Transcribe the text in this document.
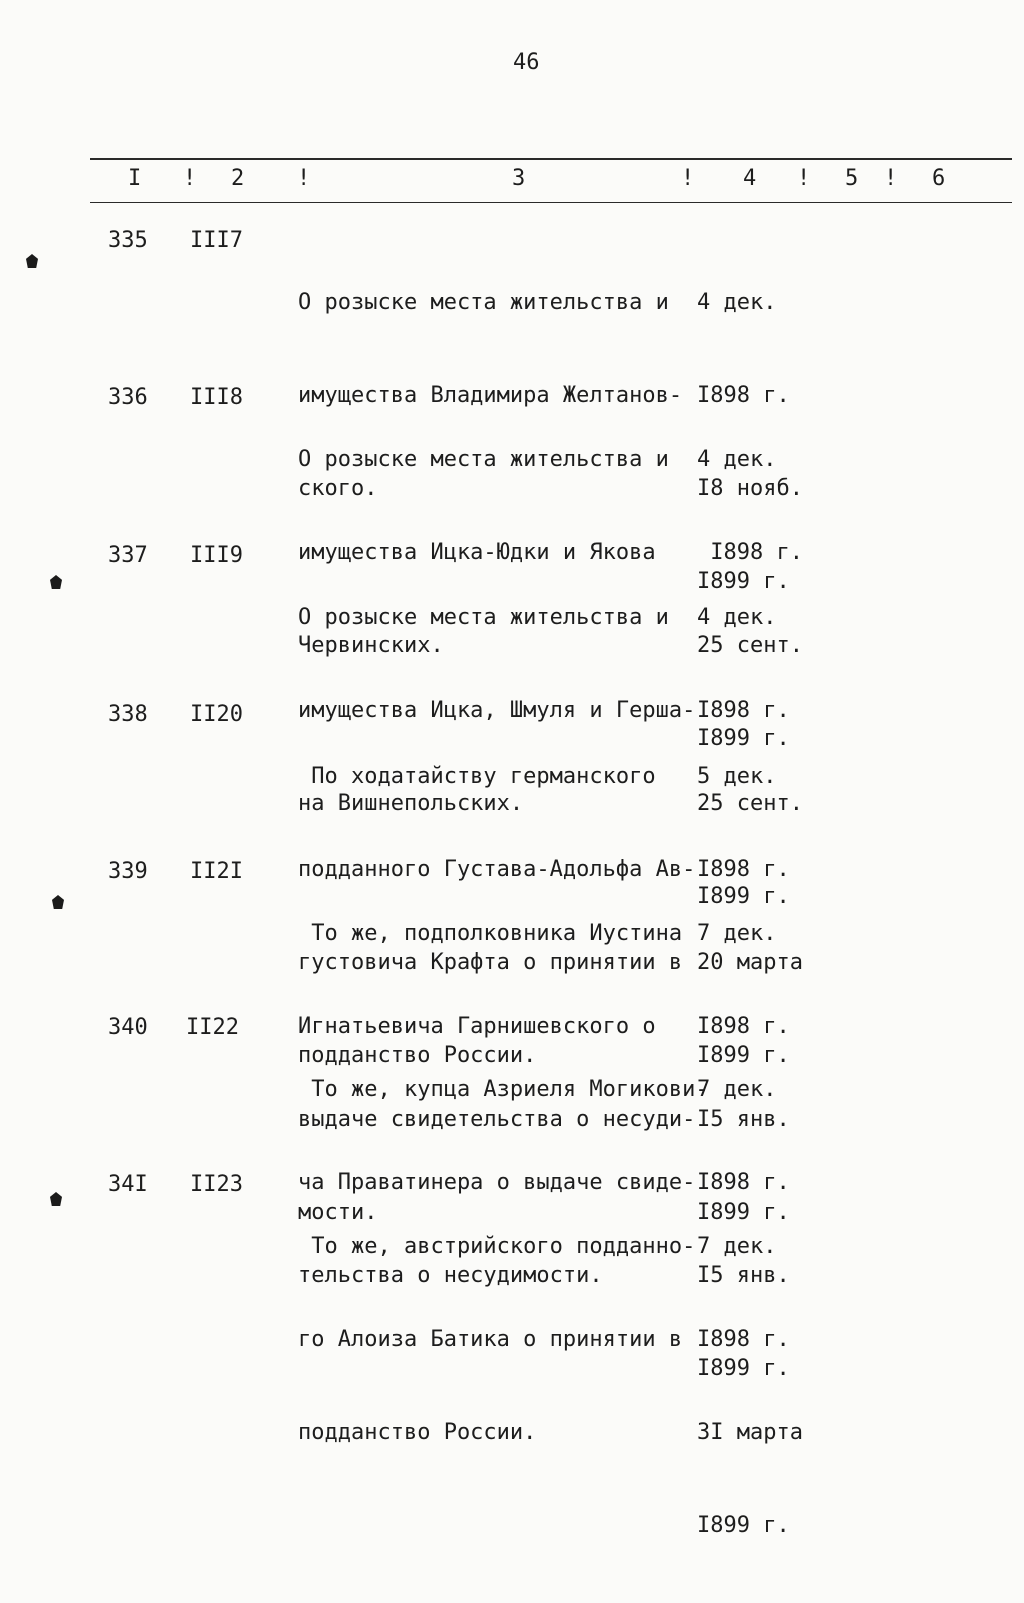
46
I ! 2 !	3	! 4 ! 5 ! 6
335 III7

О розыске места жительства и

имущества Владимира Желтанов-

ского.

4 дек.

I898 г.

I8 нояб.

I899 г.

336 III8

О розыске места жительства и

имущества Ицка-Юдки и Якова

Червинских.

4 дек.

I898 г.

25 сент.

I899 г.

337 III9

О розыске места жительства и

имущества Ицка, Шмуля и Герша-

на Вишнепольских.

4 дек.

I898 г.

25 сент.

I899 г.

338 II20

По ходатайству германского

подданного Густава-Адольфа Ав-

густовича Крафта о принятии в

подданство России.

5 дек.

I898 г.

20 марта

I899 г.

339 II2I

То же, подполковника Иустина

Игнатьевича Гарнишевского о

выдаче свидетельства о несуди-

мости.

7 дек.

I898 г.

I5 янв.

I899 г.

340 II22

То же, купца Азриеля Могикови-

ча Праватинера о выдаче свиде-

тельства о несудимости.

7 дек.

I898 г.

I5 янв.

I899 г.

34I II23

То же, австрийского подданно-

го Алоиза Батика о принятии в

подданство России.

7 дек.

I898 г.

3I марта

I899 г.
